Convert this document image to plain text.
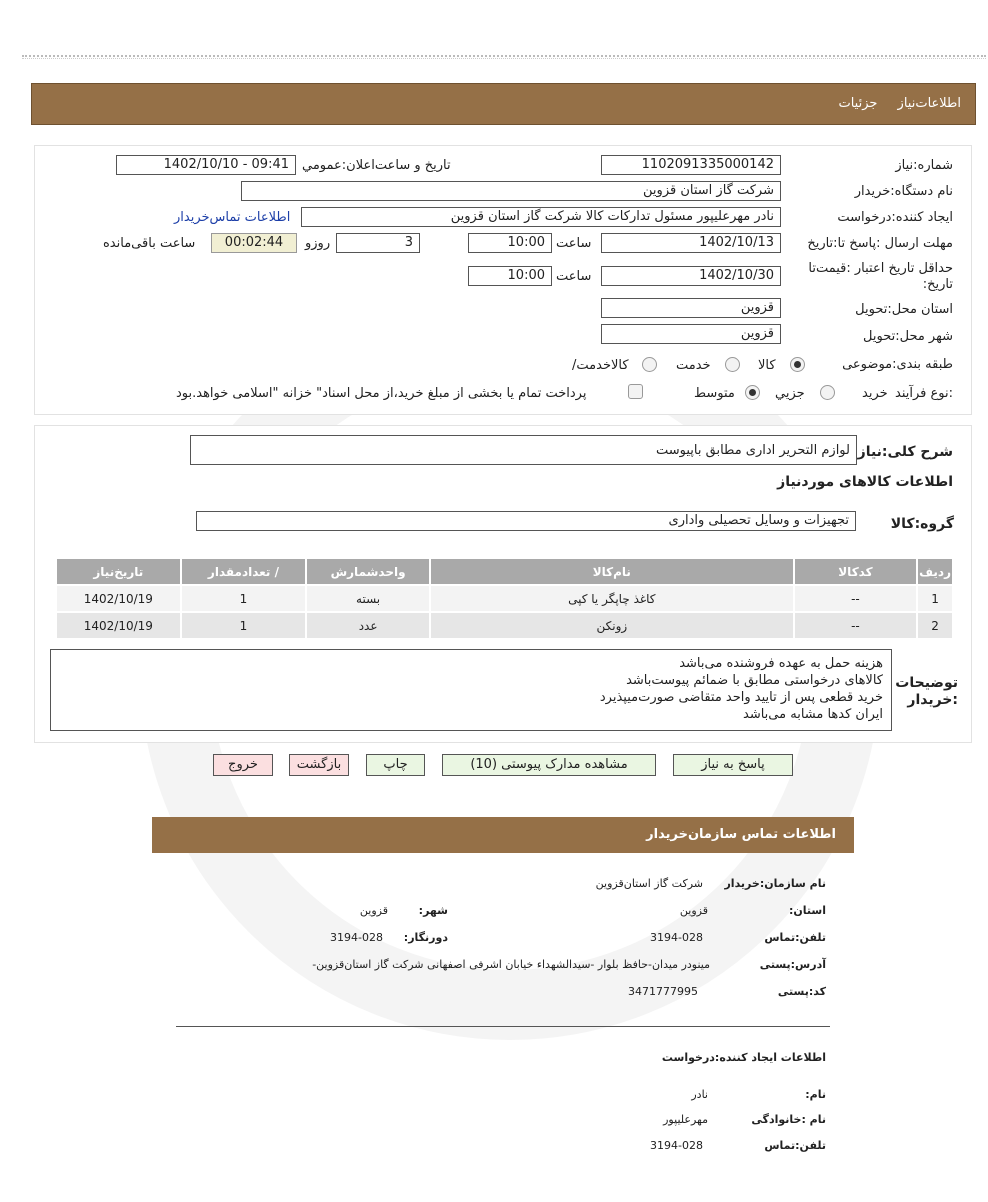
اطلاعات‌نیاز جزئیات
شماره:نیاز
1102091335000142
تاریخ و ساعت‌اعلان:عمومي
1402/10/10 - 09:41
نام دستگاه:خریدار
شرکت گاز استان قزوین
ایجاد کننده:درخواست
نادر مهرعلیپور مسئول تدارکات کالا شرکت گاز استان قزوین
اطلاعات تماس‌خریدار
مهلت ارسال :پاسخ تا:تاریخ
1402/10/13
ساعت
10:00
3
روزو
00:02:44
ساعت باقی‌مانده
حداقل تاریخ اعتبار :قیمت‌تا تاریخ:
1402/10/30
ساعت
10:00
استان محل:تحویل
قزوین
شهر محل:تحویل
قزوین
طبقه بندی:موضوعی
کالا
خدمت
/کالاخدمت
نوع فرآیند:
خرید
جزیي
متوسط
پرداخت تمام یا بخشی از مبلغ خرید،از محل اسناد" خزانه "اسلامی خواهد.بود
شرح کلی:نیاز
لوازم التحریر اداری مطابق باپیوست
اطلاعات کالاهای موردنیاز
گروه:کالا
تجهیزات و وسایل تحصیلی واداری
ردیف	کدکالا	نام‌کالا	واحدشمارش	/ تعدادمقدار	تاریخ‌نیاز
1	--	کاغذ چاپگر یا کپی	بسته	1	1402/10/19
2	--	زونکن	عدد	1	1402/10/19
توضیحات :خریدار
هزینه حمل به عهده فروشنده می‌باشد
کالاهای درخواستی مطابق با ضمائم پیوست‌باشد
خرید قطعی پس از تایید واحد متقاضی صورت‌میپذیرد
ایران کدها مشابه می‌باشد
پاسخ به نیاز
مشاهده مدارک پیوستی (10)
چاپ
بازگشت
خروج
اطلاعات تماس سازمان‌خریدار
نام سازمان:خریدار
شرکت گاز استان‌قزوین
:استان
قزوین
:شهر
قزوین
تلفن:تماس
3194-028
:دورنگار
3194-028
آدرس:پستی
-مینودر میدان-حافظ بلوار -سیدالشهداء خیابان اشرفی اصفهانی شرکت گاز استان‌قزوین
کد:پستی
3471777995
اطلاعات ایجاد کننده:درخواست
:نام
نادر
نام :خانوادگی
مهرعلیپور
تلفن:تماس
3194-028
